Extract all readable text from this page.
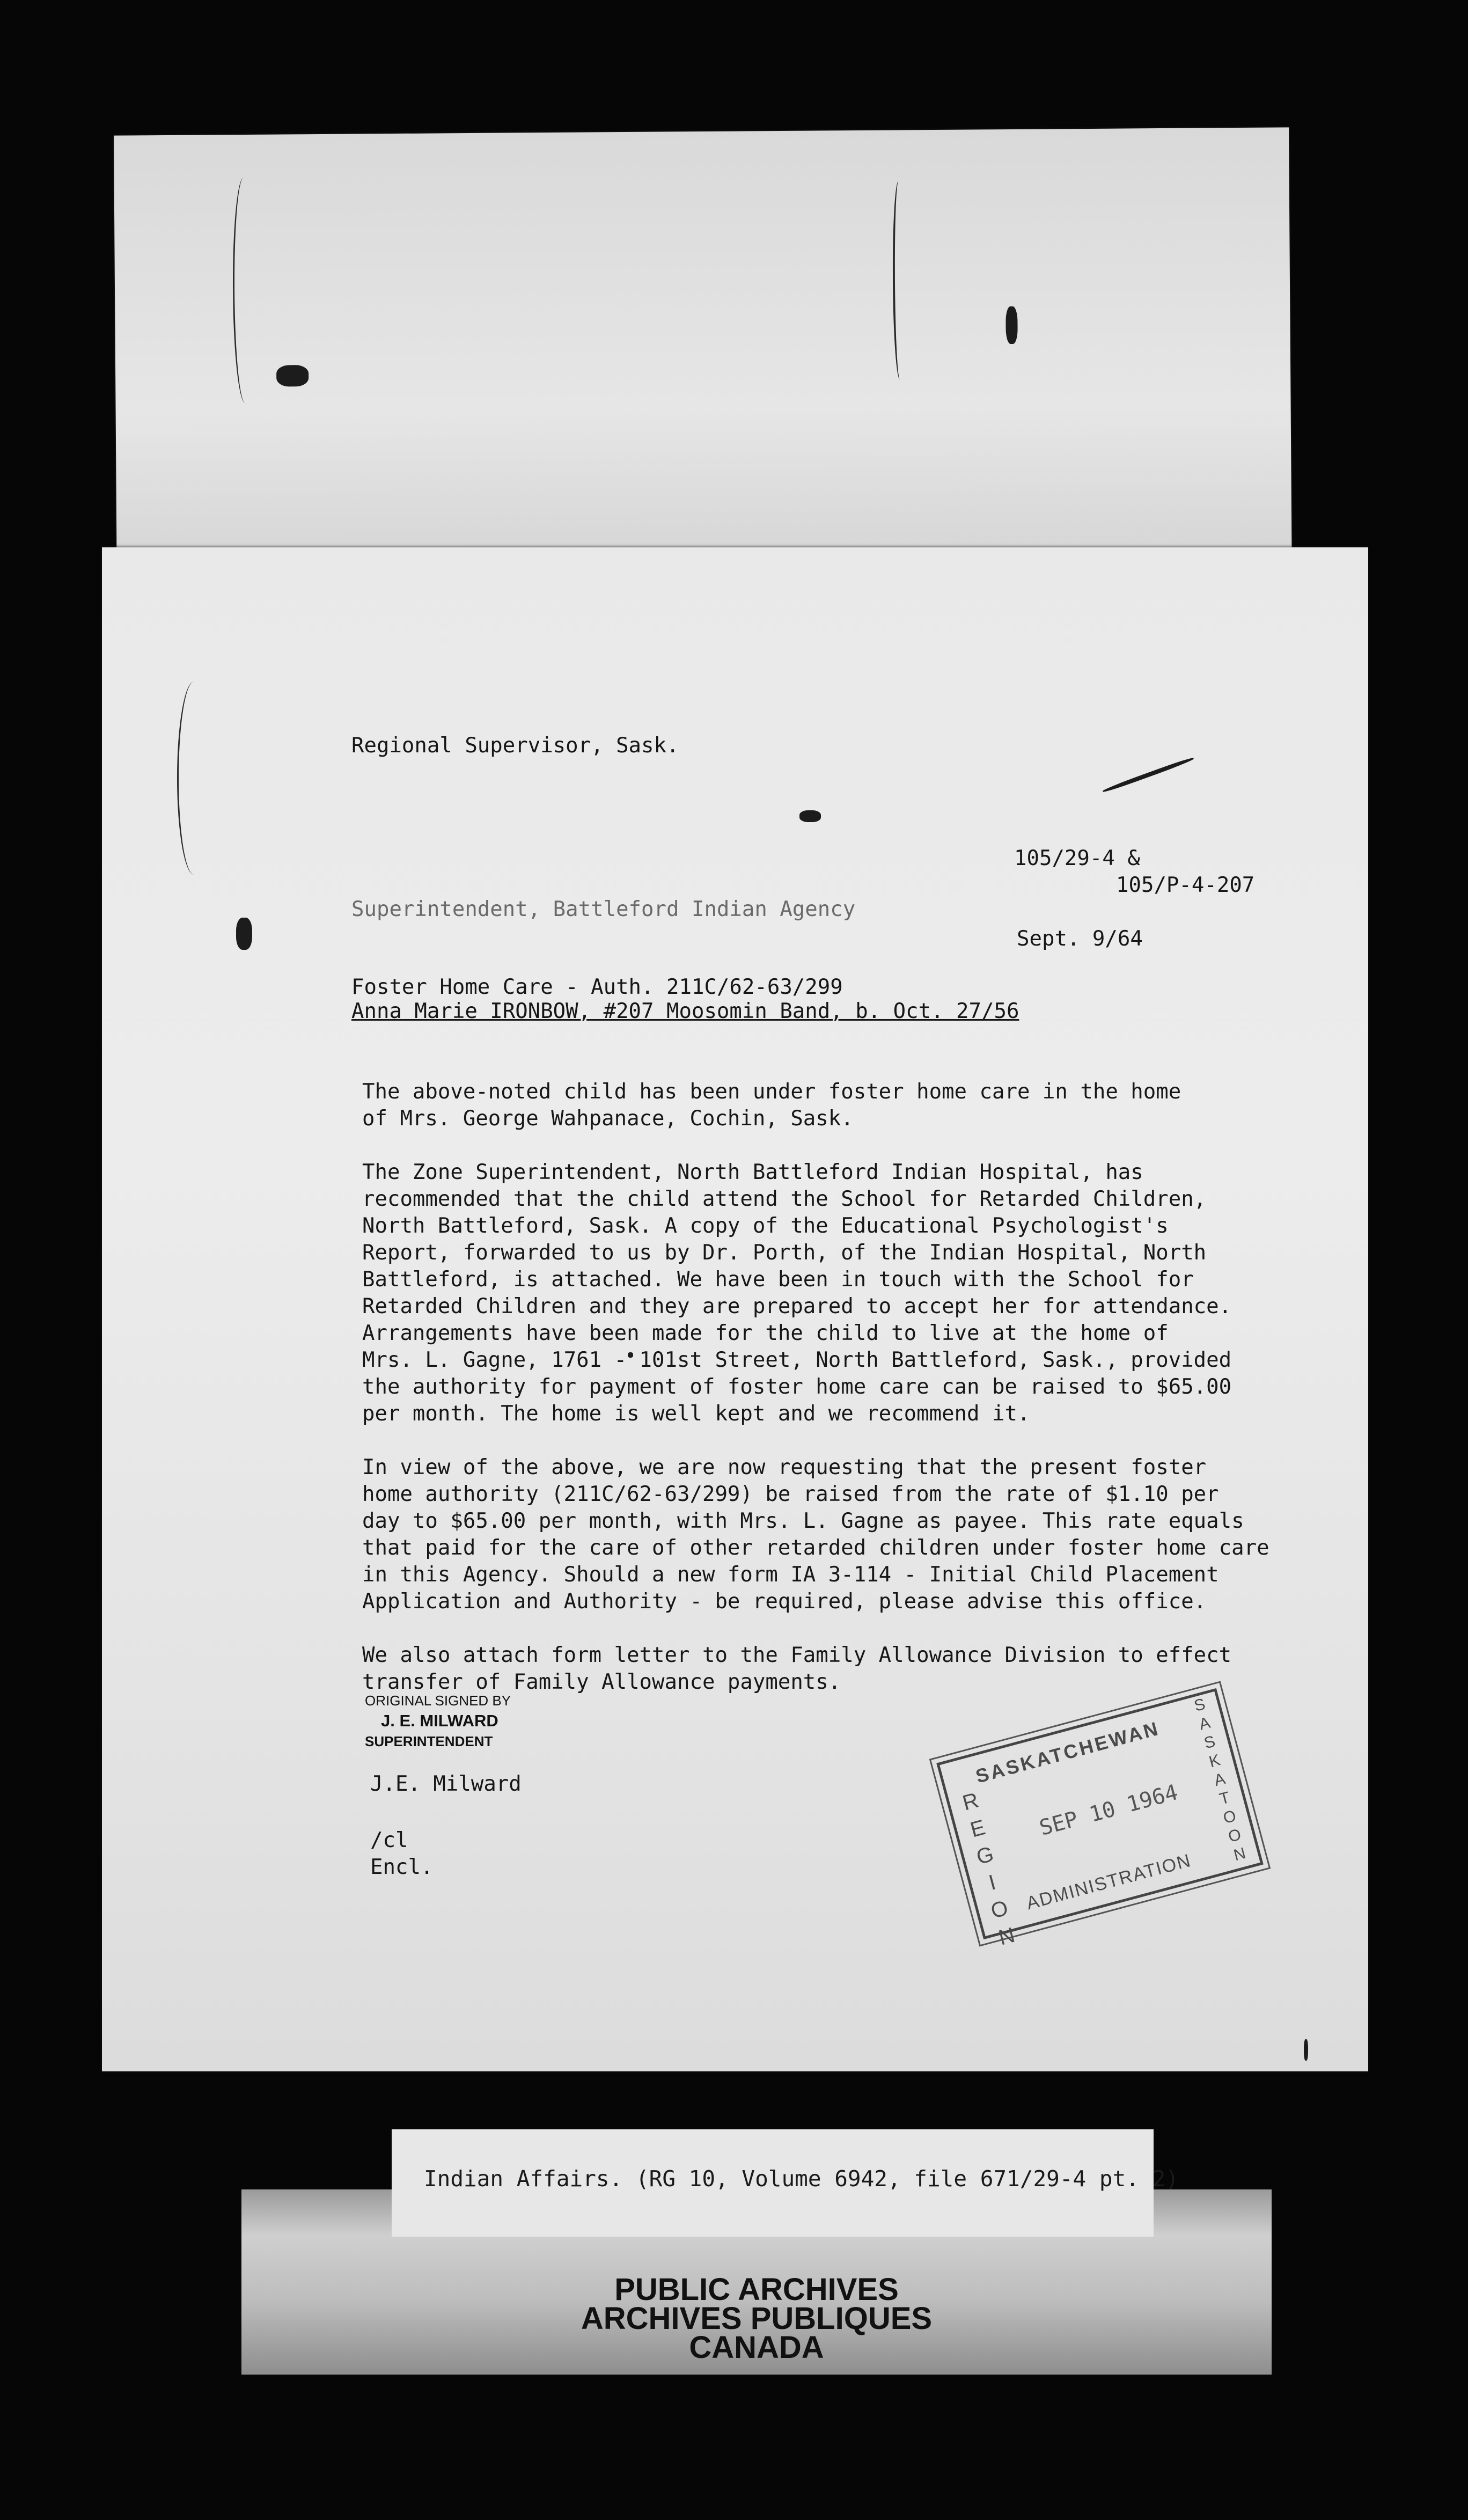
Regional Supervisor, Sask.
105/29-4 &
105/P-4-207
Superintendent, Battleford Indian Agency
Sept. 9/64
Foster Home Care - Auth. 211C/62-63/299
Anna Marie IRONBOW, #207 Moosomin Band, b. Oct. 27/56
The above-noted child has been under foster home care in the home
of Mrs. George Wahpanace, Cochin, Sask.
The Zone Superintendent, North Battleford Indian Hospital, has
recommended that the child attend the School for Retarded Children,
North Battleford, Sask. A copy of the Educational Psychologist's
Report, forwarded to us by Dr. Porth, of the Indian Hospital, North
Battleford, is attached. We have been in touch with the School for
Retarded Children and they are prepared to accept her for attendance.
Arrangements have been made for the child to live at the home of
Mrs. L. Gagne, 1761 - 101st Street, North Battleford, Sask., provided
the authority for payment of foster home care can be raised to $65.00
per month. The home is well kept and we recommend it.
In view of the above, we are now requesting that the present foster
home authority (211C/62-63/299) be raised from the rate of $1.10 per
day to $65.00 per month, with Mrs. L. Gagne as payee. This rate equals
that paid for the care of other retarded children under foster home care
in this Agency. Should a new form IA 3-114 - Initial Child Placement
Application and Authority - be required, please advise this office.
We also attach form letter to the Family Allowance Division to effect
transfer of Family Allowance payments.
ORIGINAL SIGNED BY
J. E. MILWARD
SUPERINTENDENT
J.E. Milward
/cl
Encl.
SASKATCHEWAN
REGION
SASKATOON
SEP 10 1964
ADMINISTRATION
PUBLIC ARCHIVES
ARCHIVES PUBLIQUES
CANADA
Indian Affairs. (RG 10, Volume 6942, file 671/29-4 pt. 2)
